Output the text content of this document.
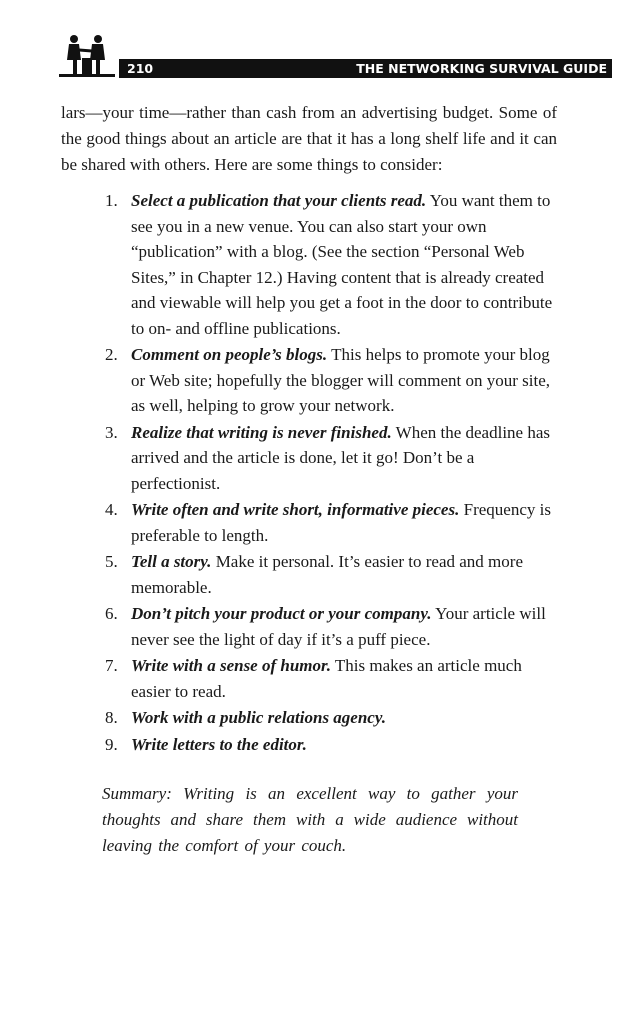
210	THE NETWORKING SURVIVAL GUIDE

lars—your time—rather than cash from an advertising budget. Some of the good things about an article are that it has a long shelf life and it can be shared with others. Here are some things to consider:

1. Select a publication that your clients read. You want them to see you in a new venue. You can also start your own “publication” with a blog. (See the section “Personal Web Sites,” in Chapter 12.) Having content that is already created and viewable will help you get a foot in the door to contribute to on- and offline publications.
2. Comment on people’s blogs. This helps to promote your blog or Web site; hopefully the blogger will comment on your site, as well, helping to grow your network.
3. Realize that writing is never finished. When the deadline has arrived and the article is done, let it go! Don’t be a perfectionist.
4. Write often and write short, informative pieces. Frequency is preferable to length.
5. Tell a story. Make it personal. It’s easier to read and more memorable.
6. Don’t pitch your product or your company. Your article will never see the light of day if it’s a puff piece.
7. Write with a sense of humor. This makes an article much easier to read.
8. Work with a public relations agency.
9. Write letters to the editor.

Summary: Writing is an excellent way to gather your thoughts and share them with a wide audience without leaving the comfort of your couch.
